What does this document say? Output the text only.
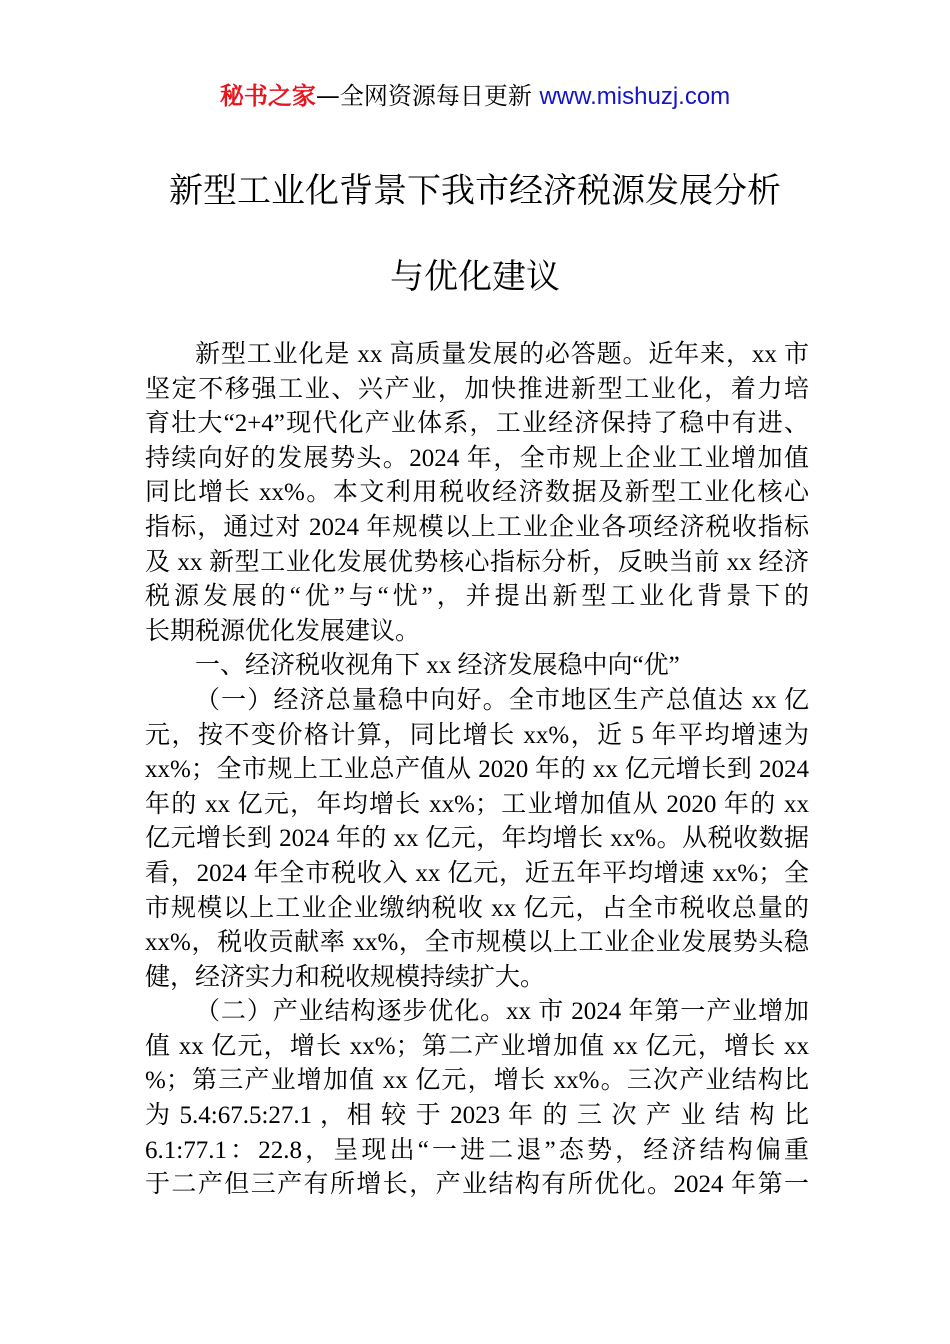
秘书之家—全网资源每日更新 www.mishuzj.com
新型工业化背景下我市经济税源发展分析
与优化建议
新型工业化是 xx 高质量发展的必答题。近年来，xx 市
坚定不移强工业、兴产业，加快推进新型工业化，着力培
育壮大“2+4”现代化产业体系，工业经济保持了稳中有进、
持续向好的发展势头。2024 年，全市规上企业工业增加值
同比增长 xx%。本文利用税收经济数据及新型工业化核心
指标，通过对 2024 年规模以上工业企业各项经济税收指标
及 xx 新型工业化发展优势核心指标分析，反映当前 xx 经济
税源发展的“优”与“忧”，并提出新型工业化背景下的
长期税源优化发展建议。
一、经济税收视角下 xx 经济发展稳中向“优”
（一）经济总量稳中向好。全市地区生产总值达 xx 亿
元，按不变价格计算，同比增长 xx%，近 5 年平均增速为
xx%；全市规上工业总产值从 2020 年的 xx 亿元增长到 2024
年的 xx 亿元，年均增长 xx%；工业增加值从 2020 年的 xx
亿元增长到 2024 年的 xx 亿元，年均增长 xx%。从税收数据
看，2024 年全市税收入 xx 亿元，近五年平均增速 xx%；全
市规模以上工业企业缴纳税收 xx 亿元，占全市税收总量的
xx%，税收贡献率 xx%，全市规模以上工业企业发展势头稳
健，经济实力和税收规模持续扩大。
（二）产业结构逐步优化。xx 市 2024 年第一产业增加
值 xx 亿元，增长 xx%；第二产业增加值 xx 亿元，增长 xx
%；第三产业增加值 xx 亿元，增长 xx%。三次产业结构比
为 5.4:67.5:27.1 ，相 较 于 2023 年 的 三 次 产 业 结 构 比
6.1:77.1：22.8，呈现出“一进二退”态势，经济结构偏重
于二产但三产有所增长，产业结构有所优化。2024 年第一
